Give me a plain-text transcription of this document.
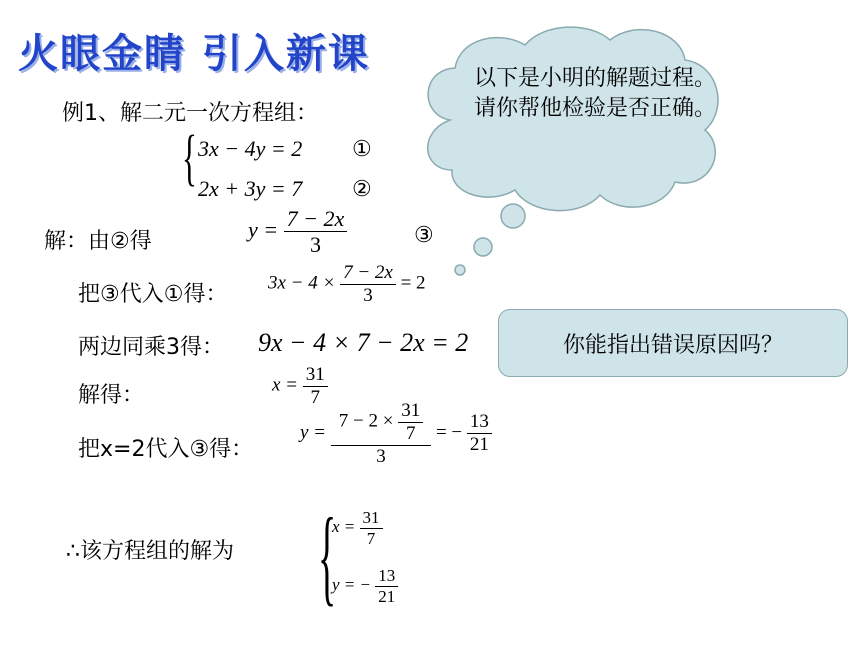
火眼金睛 引入新课
以下是小明的解题过程。请你帮他检验是否正确。
你能指出错误原因吗？
例1、解二元一次方程组：
{ 3x − 4y = 2 ①
2x + 3y = 7 ②
解：由②得	$y = \frac{7 - 2x}{3}$	③
把③代入①得： $3x - 4 \times \frac{7 - 2x}{3} = 2$
两边同乘3得： 9x − 4 × 7 − 2x = 2
解得：	$x = \frac{31}{7}$
把x=2代入③得：
$y = \frac{7 - 2 \times \frac{31}{7}}{3}$ = − $\frac{13}{21}$
∴该方程组的解为 {
$x = \frac{31}{7}$
y = − $\frac{13}{21}$
